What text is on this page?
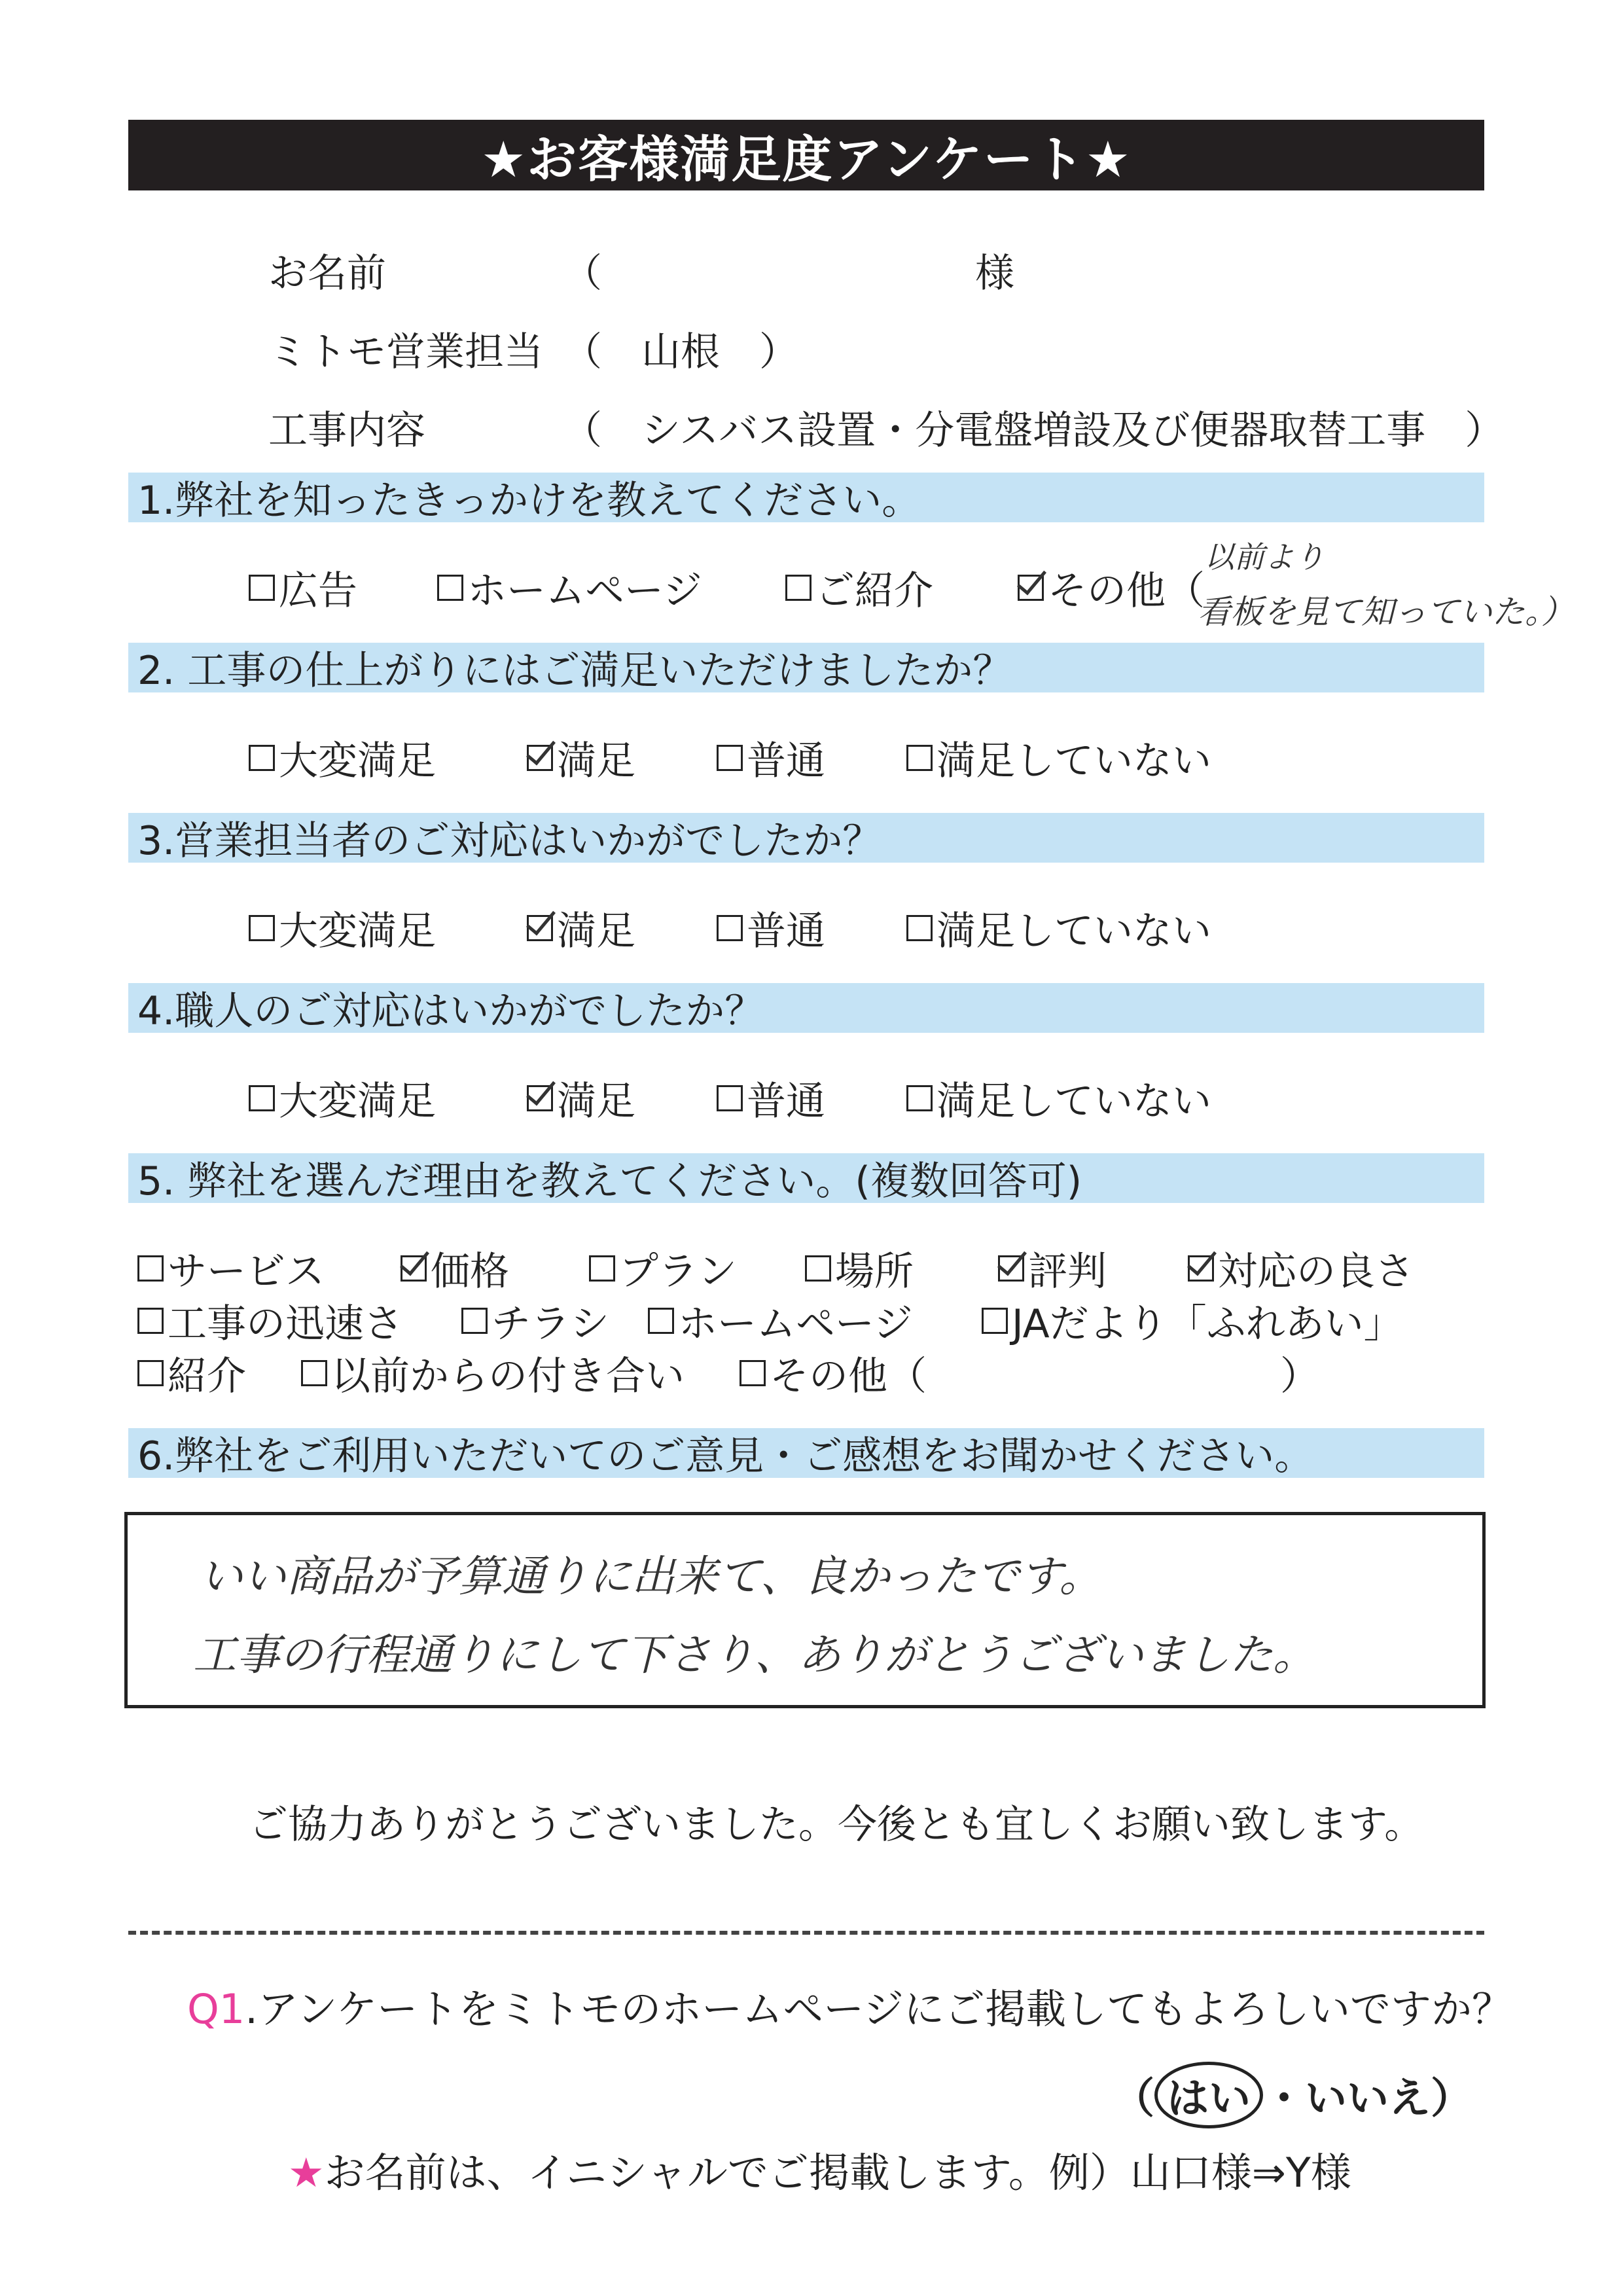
★お客様満足度アンケート★
お名前	（	様
ミトモ営業担当 （　山根　）
工事内容	（　シスバス設置・分電盤増設及び便器取替工事　）
1.弊社を知ったきっかけを教えてください。
広告	ホームページ	ご紹介	その他（
以前より
看板を見て知っていた。）
2. 工事の仕上がりにはご満足いただけましたか？
大変満足	満足	普通	満足していない
3.営業担当者のご対応はいかがでしたか？
大変満足	満足	普通	満足していない
4.職人のご対応はいかがでしたか？
大変満足	満足	普通	満足していない
5. 弊社を選んだ理由を教えてください。(複数回答可)
サービス	価格	プラン	場所	評判	対応の良さ
工事の迅速さ チラシ ホームページ	JAだより「ふれあい」
紹介 以前からの付き合い その他（　　　　　　　　　）
6.弊社をご利用いただいてのご意見・ご感想をお聞かせください。
いい商品が予算通りに出来て、良かったです。
工事の行程通りにして下さり、ありがとうございました。
ご協力ありがとうございました。今後とも宜しくお願い致します。
Q1.アンケートをミトモのホームページにご掲載してもよろしいですか？
（ はい ・いいえ）
★お名前は、イニシャルでご掲載します。例）山口様⇒Y様
